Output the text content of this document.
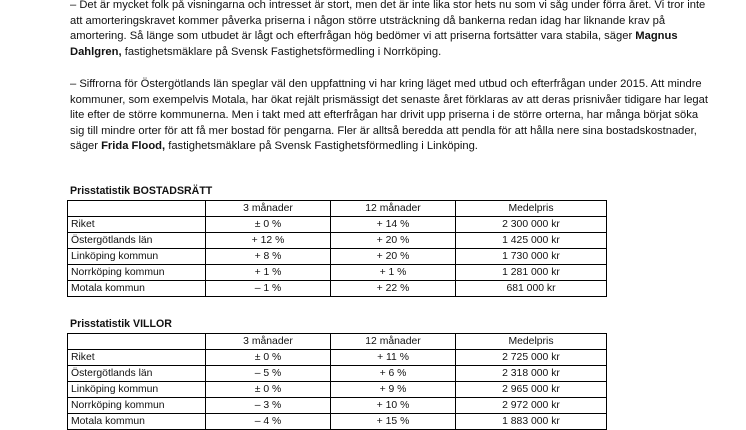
– Det är mycket folk på visningarna och intresset är stort, men det är inte lika stor hets nu som vi såg under förra året. Vi tror inte att amorteringskravet kommer påverka priserna i någon större utsträckning då bankerna redan idag har liknande krav på amortering. Så länge som utbudet är lågt och efterfrågan hög bedömer vi att priserna fortsätter vara stabila, säger Magnus Dahlgren, fastighetsmäklare på Svensk Fastighetsförmedling i Norrköping.

– Siffrorna för Östergötlands län speglar väl den uppfattning vi har kring läget med utbud och efterfrågan under 2015. Att mindre kommuner, som exempelvis Motala, har ökat rejält prismässigt det senaste året förklaras av att deras prisnivåer tidigare har legat lite efter de större kommunerna. Men i takt med att efterfrågan har drivit upp priserna i de större orterna, har många börjat söka sig till mindre orter för att få mer bostad för pengarna. Fler är alltså beredda att pendla för att hålla nere sina bostadskostnader, säger Frida Flood, fastighetsmäklare på Svensk Fastighetsförmedling i Linköping.

Prisstatistik BOSTADSRÄTT
	3 månader	12 månader	Medelpris
Riket	± 0 %	+ 14 %	2 300 000 kr
Östergötlands län	+ 12 %	+ 20 %	1 425 000 kr
Linköping kommun	+ 8 %	+ 20 %	1 730 000 kr
Norrköping kommun	+ 1 %	+ 1 %	1 281 000 kr
Motala kommun	– 1 %	+ 22 %	681 000 kr
Prisstatistik VILLOR
	3 månader	12 månader	Medelpris
Riket	± 0 %	+ 11 %	2 725 000 kr
Östergötlands län	– 5 %	+ 6 %	2 318 000 kr
Linköping kommun	± 0 %	+ 9 %	2 965 000 kr
Norrköping kommun	– 3 %	+ 10 %	2 972 000 kr
Motala kommun	– 4 %	+ 15 %	1 883 000 kr
